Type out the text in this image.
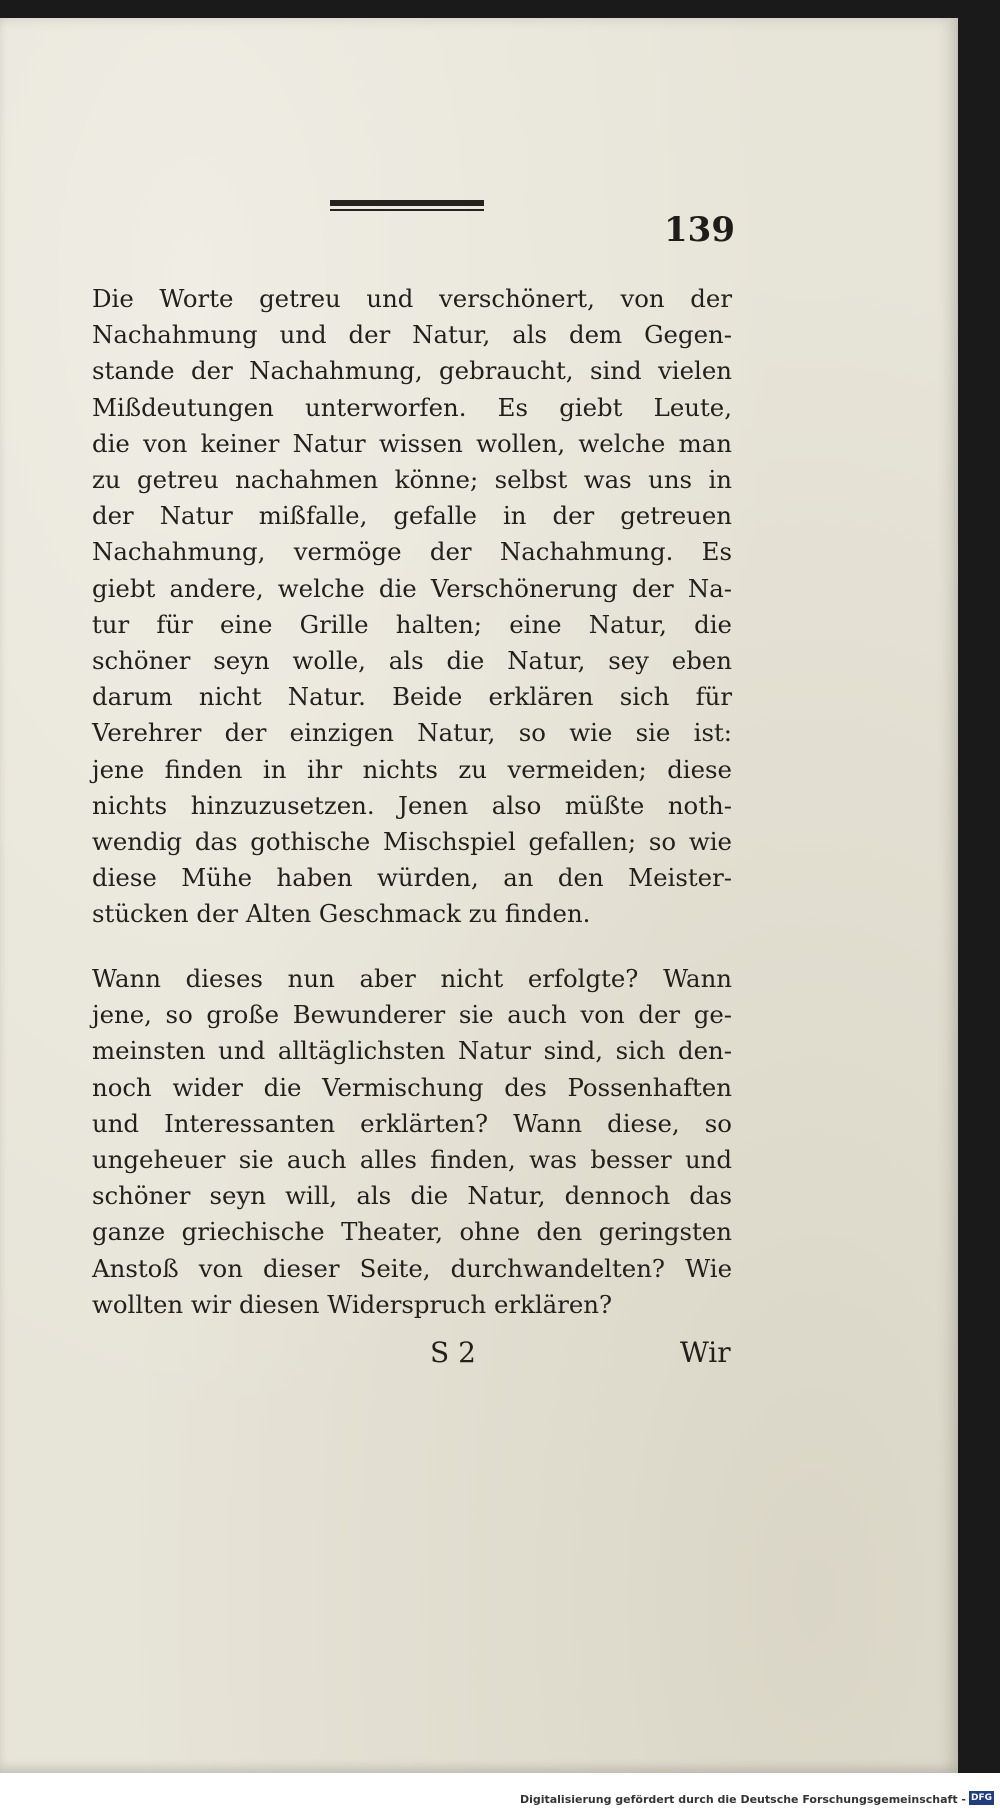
139
Die Worte getreu und verschönert, von der
Nachahmung und der Natur, als dem Gegen-
stande der Nachahmung, gebraucht, sind vielen
Mißdeutungen unterworfen. Es giebt Leute,
die von keiner Natur wissen wollen, welche man
zu getreu nachahmen könne; selbst was uns in
der Natur mißfalle, gefalle in der getreuen
Nachahmung, vermöge der Nachahmung. Es
giebt andere, welche die Verschönerung der Na-
tur für eine Grille halten; eine Natur, die
schöner seyn wolle, als die Natur, sey eben
darum nicht Natur. Beide erklären sich für
Verehrer der einzigen Natur, so wie sie ist:
jene finden in ihr nichts zu vermeiden; diese
nichts hinzuzusetzen. Jenen also müßte noth-
wendig das gothische Mischspiel gefallen; so wie
diese Mühe haben würden, an den Meister-
stücken der Alten Geschmack zu finden.
Wann dieses nun aber nicht erfolgte? Wann
jene, so große Bewunderer sie auch von der ge-
meinsten und alltäglichsten Natur sind, sich den-
noch wider die Vermischung des Possenhaften
und Interessanten erklärten? Wann diese, so
ungeheuer sie auch alles finden, was besser und
schöner seyn will, als die Natur, dennoch das
ganze griechische Theater, ohne den geringsten
Anstoß von dieser Seite, durchwandelten? Wie
wollten wir diesen Widerspruch erklären?
S 2	Wir
Digitalisierung gefördert durch die Deutsche Forschungsgemeinschaft - DFG
